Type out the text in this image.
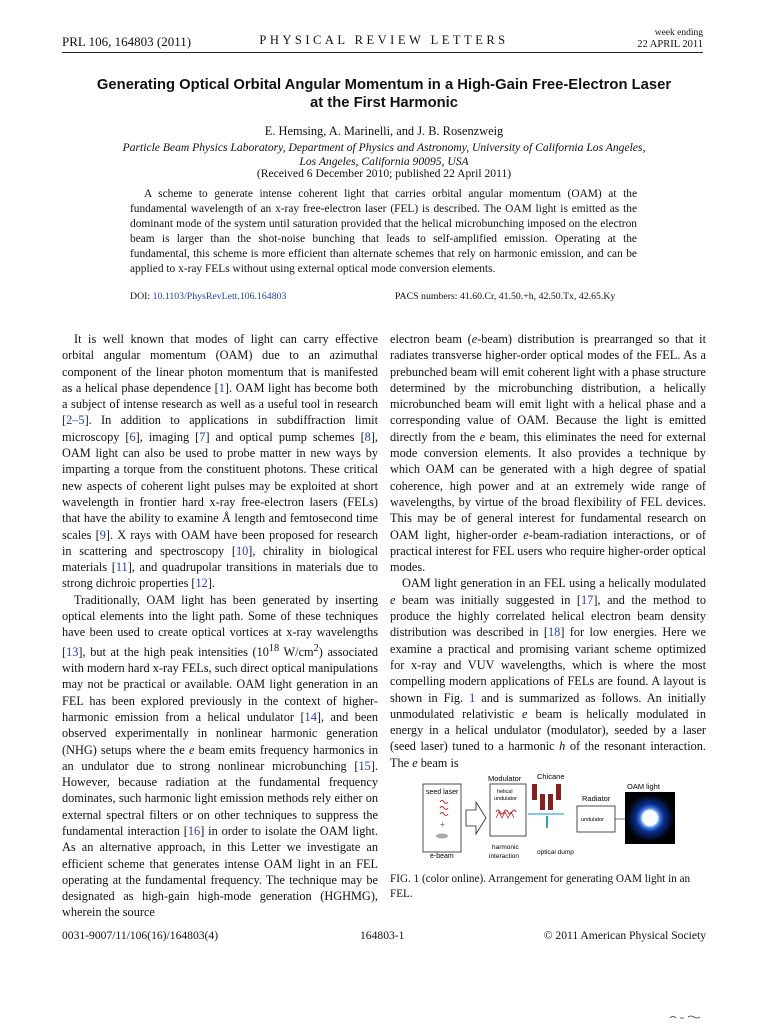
PRL 106, 164803 (2011)	PHYSICAL REVIEW LETTERS	week ending
22 APRIL 2011
Generating Optical Orbital Angular Momentum in a High-Gain Free-Electron Laser
at the First Harmonic
E. Hemsing, A. Marinelli, and J. B. Rosenzweig
Particle Beam Physics Laboratory, Department of Physics and Astronomy, University of California Los Angeles,
Los Angeles, California 90095, USA
(Received 6 December 2010; published 22 April 2011)
A scheme to generate intense coherent light that carries orbital angular momentum (OAM) at the fundamental wavelength of an x-ray free-electron laser (FEL) is described. The OAM light is emitted as the dominant mode of the system until saturation provided that the helical microbunching imposed on the electron beam is larger than the shot-noise bunching that leads to self-amplified emission. Operating at the fundamental, this scheme is more efficient than alternate schemes that rely on harmonic emission, and can be applied to x-ray FELs without using external optical mode conversion elements.
DOI: 10.1103/PhysRevLett.106.164803	PACS numbers: 41.60.Cr, 41.50.+h, 42.50.Tx, 42.65.Ky

It is well known that modes of light can carry effective orbital angular momentum (OAM) due to an azimuthal component of the linear photon momentum that is manifested as a helical phase dependence [1]. OAM light has become both a subject of intense research as well as a useful tool in research [2–5]. In addition to applications in subdiffraction limit microscopy [6], imaging [7] and optical pump schemes [8], OAM light can also be used to probe matter in new ways by imparting a torque from the constituent photons. These critical new aspects of coherent light pulses may be exploited at short wavelength in frontier hard x-ray free-electron lasers (FELs) that have the ability to examine Å length and femtosecond time scales [9]. X rays with OAM have been proposed for research in scattering and spectroscopy [10], chirality in biological materials [11], and quadrupolar transitions in materials due to strong dichroic properties [12].

Traditionally, OAM light has been generated by inserting optical elements into the light path. Some of these techniques have been used to create optical vortices at x-ray wavelengths [13], but at the high peak intensities ($10^{18}$ $W/cm^2$) associated with modern hard x-ray FELs, such direct optical manipulations may not be practical or available. OAM light generation in an FEL has been explored previously in the context of higher-harmonic emission from a helical undulator [14], and been observed experimentally in nonlinear harmonic generation (NHG) setups where the e beam emits frequency harmonics in an undulator due to strong nonlinear microbunching [15]. However, because radiation at the fundamental frequency dominates, such harmonic light emission methods rely either on external spectral filters or on other techniques to suppress the fundamental interaction [16] in order to isolate the OAM light. As an alternative approach, in this Letter we investigate an efficient scheme that generates intense OAM light in an FEL operating at the fundamental frequency. The technique may be designated as high-gain high-mode generation (HGHMG), wherein the source

electron beam (e-beam) distribution is prearranged so that it radiates transverse higher-order optical modes of the FEL. As a prebunched beam will emit coherent light with a phase structure determined by the microbunching distribution, a helically microbunched beam will emit light with a helical phase and a corresponding value of OAM. Because the light is emitted directly from the e beam, this eliminates the need for external mode conversion elements. It also provides a technique by which OAM can be generated with a high degree of spatial coherence, high power and at an extremely wide range of wavelengths, by virtue of the broad flexibility of FEL devices. This may be of general interest for fundamental research on OAM light, higher-order e-beam-radiation interactions, or of practical interest for FEL users who require higher-order optical modes.

OAM light generation in an FEL using a helically modulated e beam was initially suggested in [17], and the method to produce the highly correlated helical electron beam density distribution was described in [18] for low energies. Here we examine a practical and promising variant scheme optimized for x-ray and VUV wavelengths, which is where the most compelling modern applications of FELs are found. A layout is shown in Fig. 1 and is summarized as follows. An initially unmodulated relativistic e beam is helically modulated in energy in a helical undulator (modulator), seeded by a laser (seed laser) tuned to a harmonic h of the resonant interaction. The e beam is

Modulator Chicane
OAM light
seed laser
+
e-beam
helical
undulator
harmonic
interaction
optical dump
Radiator
undulator
FIG. 1 (color online). Arrangement for generating OAM light in an FEL.
0031-9007/11/106(16)/164803(4)	164803-1	© 2011 American Physical Society
